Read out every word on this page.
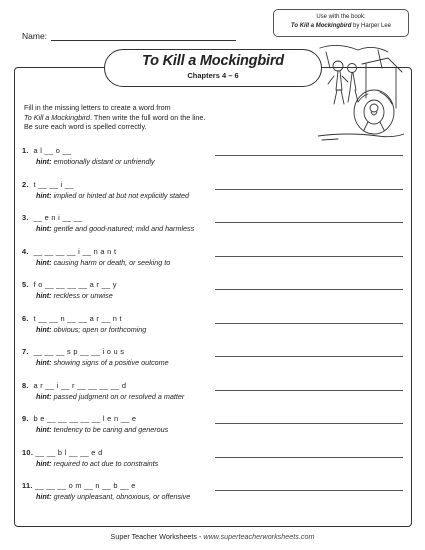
Name:
Use with the book:
To Kill a Mockingbird by Harper Lee
To Kill a Mockingbird
Chapters 4 – 6
Fill in the missing letters to create a word from
To Kill a Mockingbird. Then write the full word on the line.
Be sure each word is spelled correctly.
1. a l __ o __
hint: emotionally distant or unfriendly
2. t __ __ i __
hint: implied or hinted at but not explicitly stated
3. __ e n i __ __
hint: gentle and good-natured; mild and harmless
4. __ __ __ __ i __ n a n t
hint: causing harm or death, or seeking to
5. f o __ __ __ __ a r __ y
hint: reckless or unwise
6. t __ __ n __ __ a r __ n t
hint: obvious; open or forthcoming
7. __ __ __ s p __ __ i o u s
hint: showing signs of a positive outcome
8. a r __ i __ r __ __ __ __ d
hint: passed judgment on or resolved a matter
9. b e __ __ __ __ __ l e n __ e
hint: tendency to be caring and generous
10. __ __ b l __ __ e d
hint: required to act due to constraints
11. __ __ __ o m __ n __ b __ e
hint: greatly unpleasant, obnoxious, or offensive
Super Teacher Worksheets - www.superteacherworksheets.com
